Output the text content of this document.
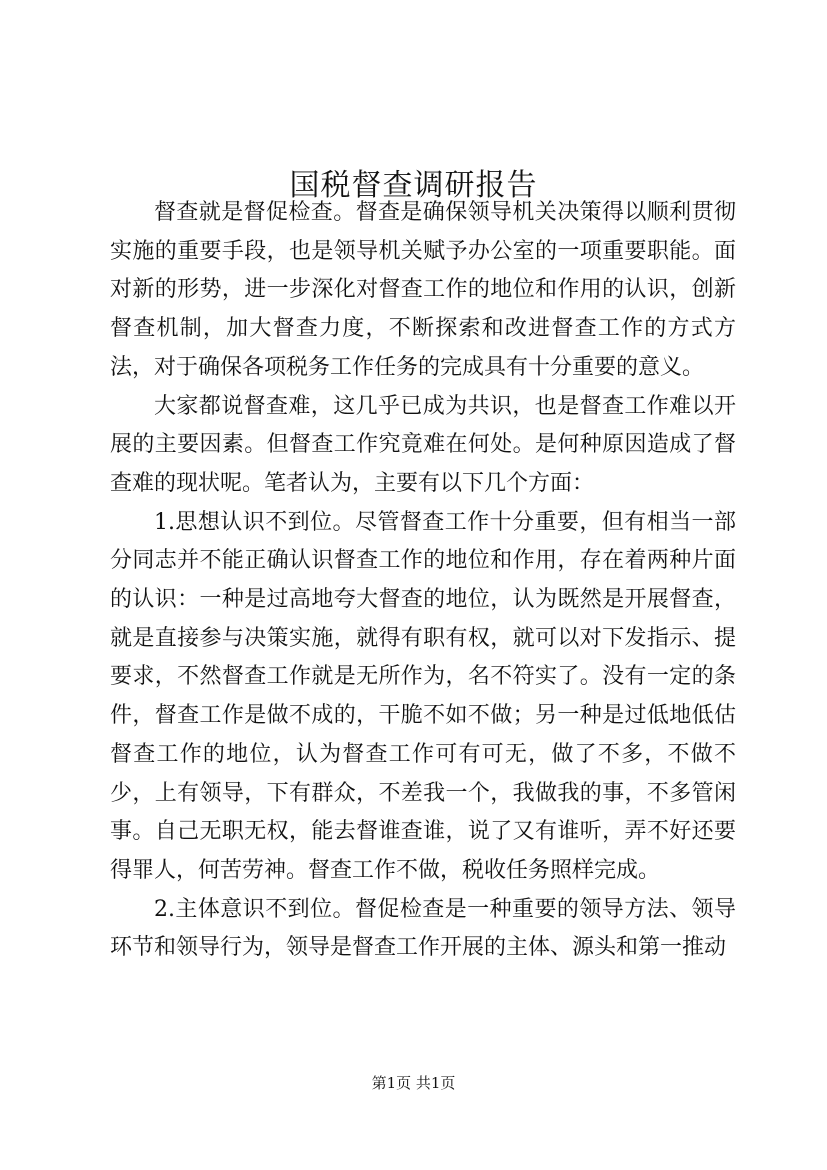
国税督查调研报告

督查就是督促检查。督查是确保领导机关决策得以顺利贯彻实施的重要手段，也是领导机关赋予办公室的一项重要职能。面对新的形势，进一步深化对督查工作的地位和作用的认识，创新督查机制，加大督查力度，不断探索和改进督查工作的方式方法，对于确保各项税务工作任务的完成具有十分重要的意义。

大家都说督查难，这几乎已成为共识，也是督查工作难以开展的主要因素。但督查工作究竟难在何处。是何种原因造成了督查难的现状呢。笔者认为，主要有以下几个方面：

1.思想认识不到位。尽管督查工作十分重要，但有相当一部分同志并不能正确认识督查工作的地位和作用，存在着两种片面的认识：一种是过高地夸大督查的地位，认为既然是开展督查，就是直接参与决策实施，就得有职有权，就可以对下发指示、提要求，不然督查工作就是无所作为，名不符实了。没有一定的条件，督查工作是做不成的，干脆不如不做；另一种是过低地低估督查工作的地位，认为督查工作可有可无，做了不多，不做不少，上有领导，下有群众，不差我一个，我做我的事，不多管闲事。自己无职无权，能去督谁查谁，说了又有谁听，弄不好还要得罪人，何苦劳神。督查工作不做，税收任务照样完成。

2.主体意识不到位。督促检查是一种重要的领导方法、领导环节和领导行为，领导是督查工作开展的主体、源头和第一推动

第1页 共1页
